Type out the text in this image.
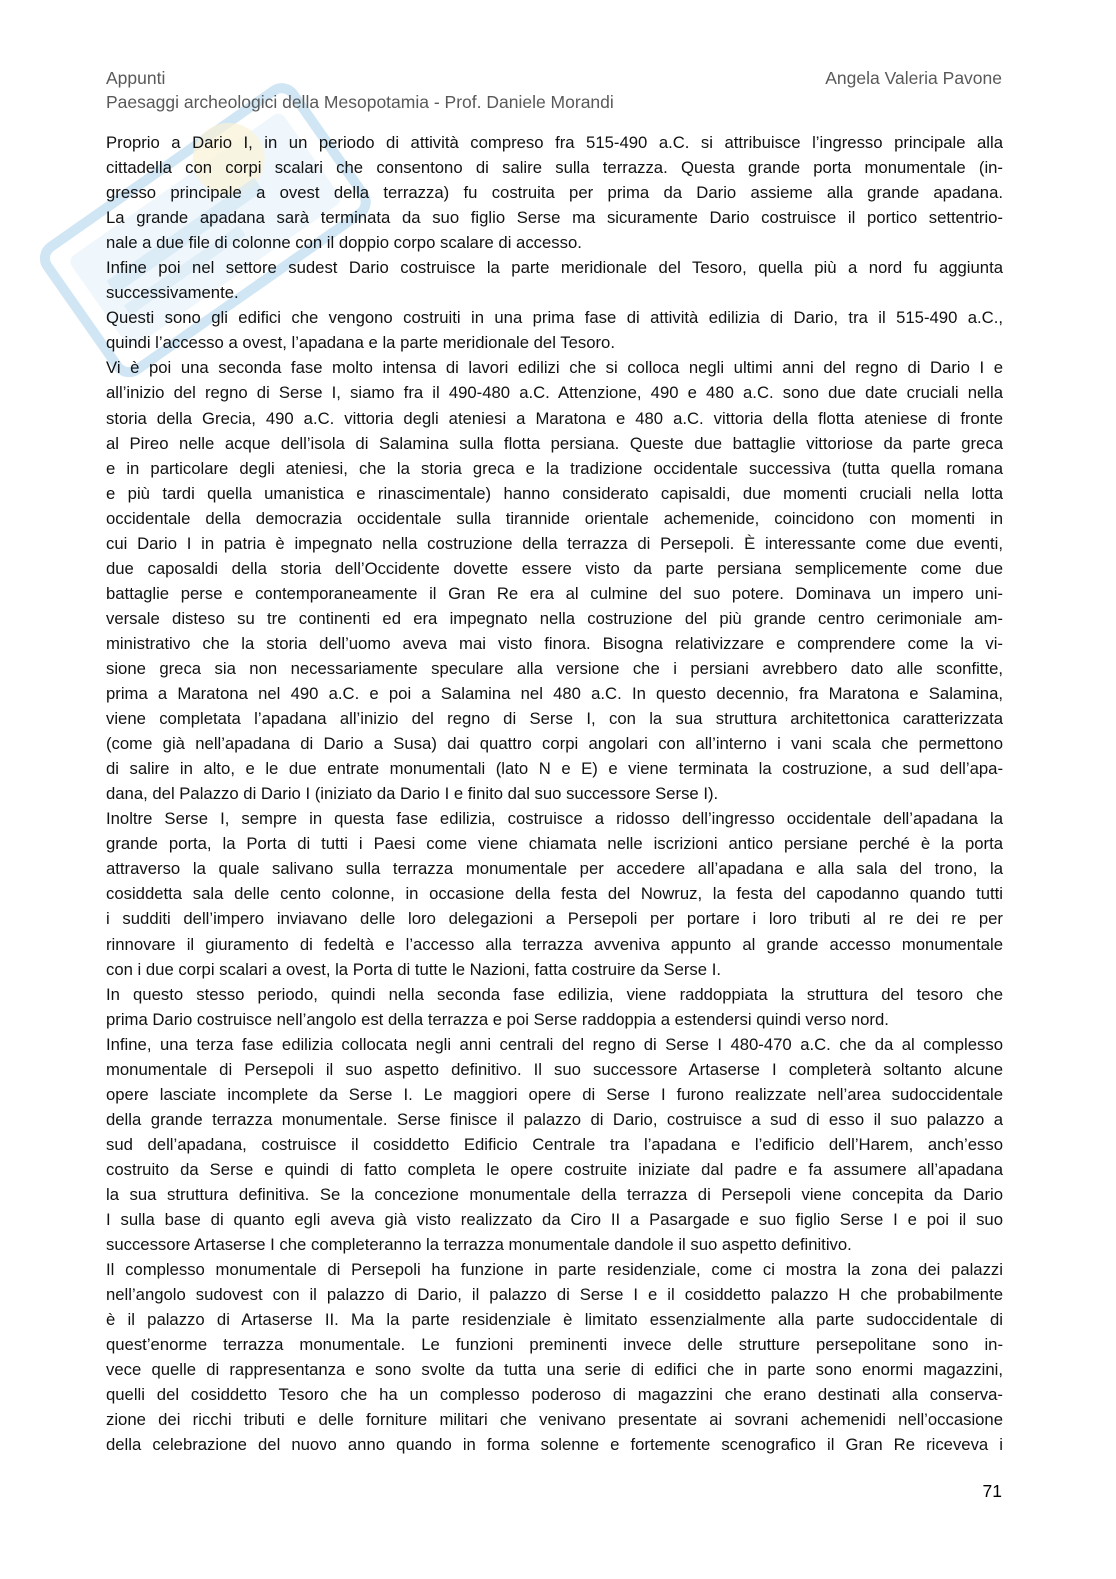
Appunti
Paesaggi archeologici della Mesopotamia - Prof. Daniele Morandi
Angela Valeria Pavone
Proprio a Dario I, in un periodo di attività compreso fra 515-490 a.C. si attribuisce l’ingresso principale alla
cittadella con corpi scalari che consentono di salire sulla terrazza. Questa grande porta monumentale (in-
gresso principale a ovest della terrazza) fu costruita per prima da Dario assieme alla grande apadana.
La grande apadana sarà terminata da suo figlio Serse ma sicuramente Dario costruisce il portico settentrio-
nale a due file di colonne con il doppio corpo scalare di accesso.
Infine poi nel settore sudest Dario costruisce la parte meridionale del Tesoro, quella più a nord fu aggiunta
successivamente.
Questi sono gli edifici che vengono costruiti in una prima fase di attività edilizia di Dario, tra il 515-490 a.C.,
quindi l’accesso a ovest, l’apadana e la parte meridionale del Tesoro.
Vi è poi una seconda fase molto intensa di lavori edilizi che si colloca negli ultimi anni del regno di Dario I e
all’inizio del regno di Serse I, siamo fra il 490-480 a.C. Attenzione, 490 e 480 a.C. sono due date cruciali nella
storia della Grecia, 490 a.C. vittoria degli ateniesi a Maratona e 480 a.C. vittoria della flotta ateniese di fronte
al Pireo nelle acque dell’isola di Salamina sulla flotta persiana. Queste due battaglie vittoriose da parte greca
e in particolare degli ateniesi, che la storia greca e la tradizione occidentale successiva (tutta quella romana
e più tardi quella umanistica e rinascimentale) hanno considerato capisaldi, due momenti cruciali nella lotta
occidentale della democrazia occidentale sulla tirannide orientale achemenide, coincidono con momenti in
cui Dario I in patria è impegnato nella costruzione della terrazza di Persepoli. È interessante come due eventi,
due caposaldi della storia dell’Occidente dovette essere visto da parte persiana semplicemente come due
battaglie perse e contemporaneamente il Gran Re era al culmine del suo potere. Dominava un impero uni-
versale disteso su tre continenti ed era impegnato nella costruzione del più grande centro cerimoniale am-
ministrativo che la storia dell’uomo aveva mai visto finora. Bisogna relativizzare e comprendere come la vi-
sione greca sia non necessariamente speculare alla versione che i persiani avrebbero dato alle sconfitte,
prima a Maratona nel 490 a.C. e poi a Salamina nel 480 a.C. In questo decennio, fra Maratona e Salamina,
viene completata l’apadana all’inizio del regno di Serse I, con la sua struttura architettonica caratterizzata
(come già nell’apadana di Dario a Susa) dai quattro corpi angolari con all’interno i vani scala che permettono
di salire in alto, e le due entrate monumentali (lato N e E) e viene terminata la costruzione, a sud dell’apa-
dana, del Palazzo di Dario I (iniziato da Dario I e finito dal suo successore Serse I).
Inoltre Serse I, sempre in questa fase edilizia, costruisce a ridosso dell’ingresso occidentale dell’apadana la
grande porta, la Porta di tutti i Paesi come viene chiamata nelle iscrizioni antico persiane perché è la porta
attraverso la quale salivano sulla terrazza monumentale per accedere all’apadana e alla sala del trono, la
cosiddetta sala delle cento colonne, in occasione della festa del Nowruz, la festa del capodanno quando tutti
i sudditi dell’impero inviavano delle loro delegazioni a Persepoli per portare i loro tributi al re dei re per
rinnovare il giuramento di fedeltà e l’accesso alla terrazza avveniva appunto al grande accesso monumentale
con i due corpi scalari a ovest, la Porta di tutte le Nazioni, fatta costruire da Serse I.
In questo stesso periodo, quindi nella seconda fase edilizia, viene raddoppiata la struttura del tesoro che
prima Dario costruisce nell’angolo est della terrazza e poi Serse raddoppia a estendersi quindi verso nord.
Infine, una terza fase edilizia collocata negli anni centrali del regno di Serse I 480-470 a.C. che da al complesso
monumentale di Persepoli il suo aspetto definitivo. Il suo successore Artaserse I completerà soltanto alcune
opere lasciate incomplete da Serse I. Le maggiori opere di Serse I furono realizzate nell’area sudoccidentale
della grande terrazza monumentale. Serse finisce il palazzo di Dario, costruisce a sud di esso il suo palazzo a
sud dell’apadana, costruisce il cosiddetto Edificio Centrale tra l’apadana e l’edificio dell’Harem, anch’esso
costruito da Serse e quindi di fatto completa le opere costruite iniziate dal padre e fa assumere all’apadana
la sua struttura definitiva. Se la concezione monumentale della terrazza di Persepoli viene concepita da Dario
I sulla base di quanto egli aveva già visto realizzato da Ciro II a Pasargade e suo figlio Serse I e poi il suo
successore Artaserse I che completeranno la terrazza monumentale dandole il suo aspetto definitivo.
Il complesso monumentale di Persepoli ha funzione in parte residenziale, come ci mostra la zona dei palazzi
nell’angolo sudovest con il palazzo di Dario, il palazzo di Serse I e il cosiddetto palazzo H che probabilmente
è il palazzo di Artaserse II. Ma la parte residenziale è limitato essenzialmente alla parte sudoccidentale di
quest’enorme terrazza monumentale. Le funzioni preminenti invece delle strutture persepolitane sono in-
vece quelle di rappresentanza e sono svolte da tutta una serie di edifici che in parte sono enormi magazzini,
quelli del cosiddetto Tesoro che ha un complesso poderoso di magazzini che erano destinati alla conserva-
zione dei ricchi tributi e delle forniture militari che venivano presentate ai sovrani achemenidi nell’occasione
della celebrazione del nuovo anno quando in forma solenne e fortemente scenografico il Gran Re riceveva i
71
